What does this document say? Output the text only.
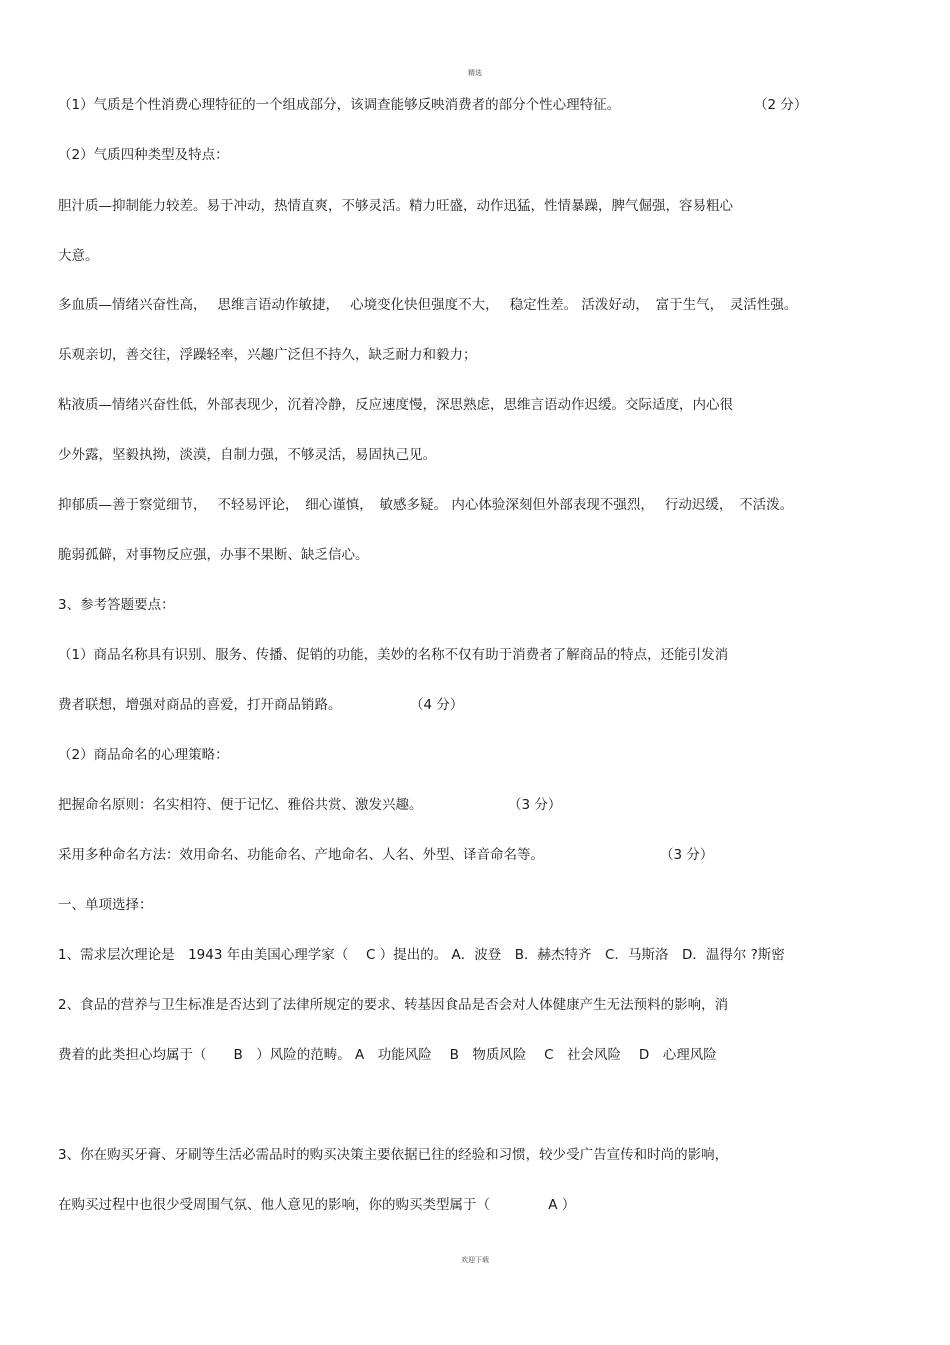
精选
（1）气质是个性消费心理特征的一个组成部分，该调查能够反映消费者的部分个性心理特征。	（2 分）
（2）气质四种类型及特点：
胆汁质—抑制能力较差。易于冲动，热情直爽，不够灵活。精力旺盛，动作迅猛，性情暴躁，脾气倔强，容易粗心
大意。
多血质—情绪兴奋性高，　 思维言语动作敏捷，　 心境变化快但强度不大，　 稳定性差。 活泼好动，　富于生气，　灵活性强。
乐观亲切，善交往，浮躁轻率，兴趣广泛但不持久，缺乏耐力和毅力；
粘液质—情绪兴奋性低，外部表现少，沉着冷静，反应速度慢，深思熟虑，思维言语动作迟缓。交际适度，内心很
少外露，坚毅执拗，淡漠，自制力强，不够灵活，易固执己见。
抑郁质—善于察觉细节，　 不轻易评论，　细心谨慎，　敏感多疑。 内心体验深刻但外部表现不强烈，　 行动迟缓，　不活泼。
脆弱孤僻，对事物反应强，办事不果断、缺乏信心。
3、参考答题要点：
（1）商品名称具有识别、服务、传播、促销的功能，美妙的名称不仅有助于消费者了解商品的特点，还能引发消
费者联想，增强对商品的喜爱，打开商品销路。	（4 分）
（2）商品命名的心理策略：
把握命名原则：名实相符、便于记忆、雅俗共赏、激发兴趣。	（3 分）
采用多种命名方法：效用命名、功能命名、产地命名、人名、外型、译音命名等。	（3 分）
一、单项选择：
1、需求层次理论是　1943 年由美国心理学家（　 C ）提出的。 A．波登　B．赫杰特齐　C．马斯洛　D．温得尔 ?斯密
2、食品的营养与卫生标准是否达到了法律所规定的要求、转基因食品是否会对人体健康产生无法预料的影响，消
费着的此类担心均属于（　　B　）风险的范畴。 A　功能风险　 B　物质风险　 C　社会风险　 D　心理风险
3、你在购买牙膏、牙刷等生活必需品时的购买决策主要依据已往的经验和习惯，较少受广告宣传和时尚的影响，
在购买过程中也很少受周围气氛、他人意见的影响，你的购买类型属于（　　　　 A ）
欢迎下载
